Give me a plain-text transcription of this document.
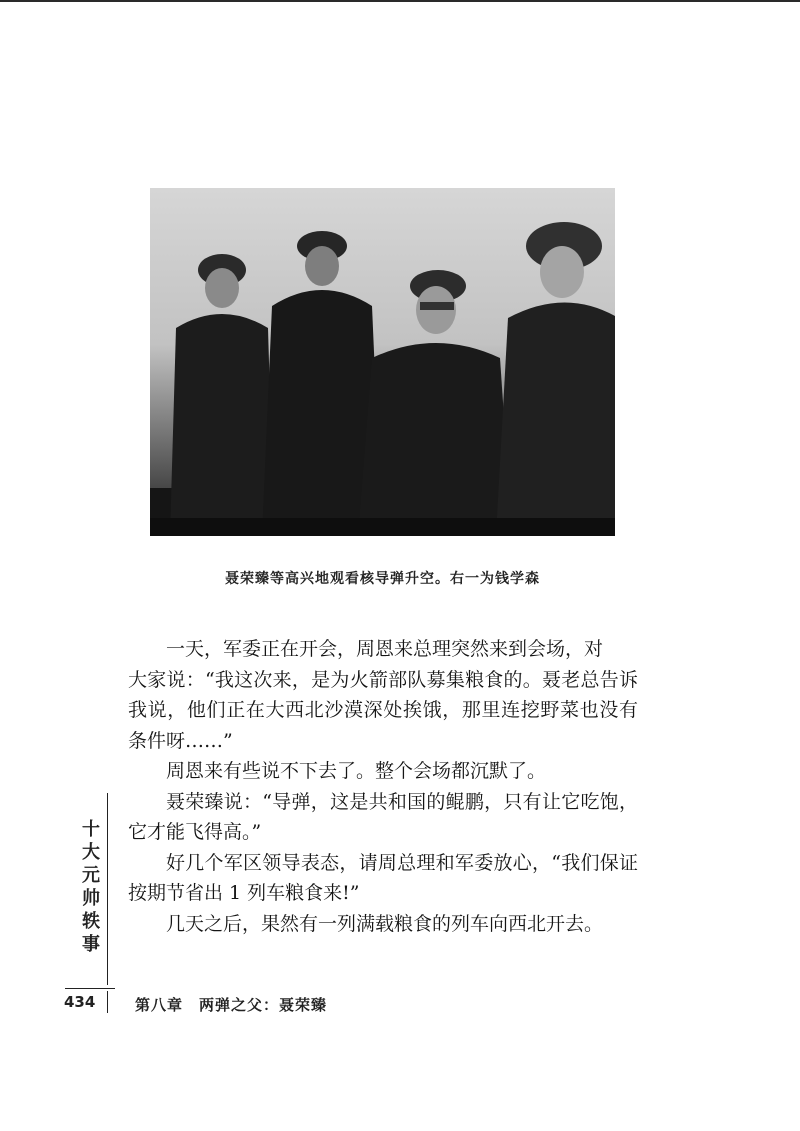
聂荣臻等高兴地观看核导弹升空。右一为钱学森

一天，军委正在开会，周恩来总理突然来到会场，对

大家说：“我这次来，是为火箭部队募集粮食的。聂老总告诉我说，他们正在大西北沙漠深处挨饿，那里连挖野菜也没有条件呀……”

周恩来有些说不下去了。整个会场都沉默了。

聂荣臻说：“导弹，这是共和国的鲲鹏，只有让它吃饱，它才能飞得高。”

好几个军区领导表态，请周总理和军委放心，“我们保证按期节省出 1 列车粮食来!”

几天之后，果然有一列满载粮食的列车向西北开去。

十
大
元
帅
轶
事
434	第八章　两弹之父：聂荣臻
